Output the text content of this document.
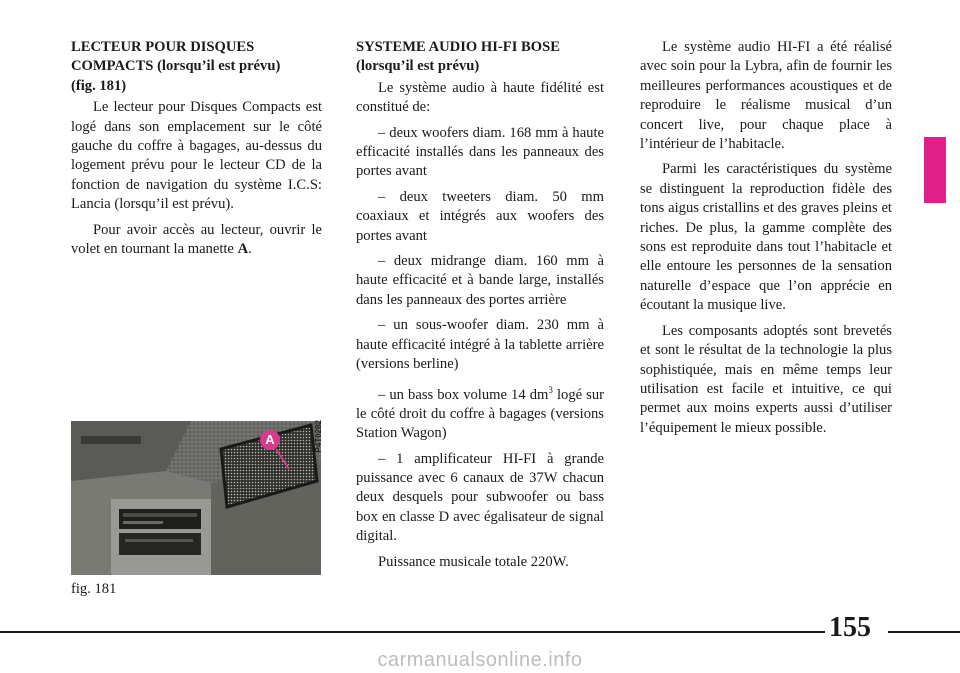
LECTEUR POUR DISQUES COMPACTS (lorsqu’il est prévu)
(fig. 181)

Le lecteur pour Disques Compacts est logé dans son emplacement sur le côté gauche du coffre à bagages, au-dessus du logement prévu pour le lecteur CD de la fonction de navigation du système I.C.S: Lancia (lorsqu’il est prévu).

Pour avoir accès au lecteur, ouvrir le volet en tournant la manette A.

SYSTEME AUDIO HI-FI BOSE
(lorsqu’il est prévu)

Le système audio à haute fidélité est constitué de:

– deux woofers diam. 168 mm à haute efficacité installés dans les panneaux des portes avant

– deux tweeters diam. 50 mm coaxiaux et intégrés aux woofers des portes avant

– deux midrange diam. 160 mm à haute efficacité et à bande large, installés dans les panneaux des portes arrière

– un sous-woofer diam. 230 mm à haute efficacité intégré à la tablette arrière (versions berline)

– un bass box volume 14 $dm^3$ logé sur le côté droit du coffre à bagages (versions Station Wagon)

– 1 amplificateur HI-FI à grande puissance avec 6 canaux de 37W chacun deux desquels pour subwoofer ou bass box en classe D avec égalisateur de signal digital.

Puissance musicale totale 220W.

Le système audio HI-FI a été réalisé avec soin pour la Lybra, afin de fournir les meilleures performances acoustiques et de reproduire le réalisme musical d’un concert live, pour chaque place à l’intérieur de l’habitacle.

Parmi les caractéristiques du système se distinguent la reproduction fidèle des tons aigus cristallins et des graves pleins et riches. De plus, la gamme complète des sons est reproduite dans tout l’habitacle et elle entoure les personnes de la sensation naturelle d’espace que l’on apprécie en écoutant la musique live.

Les composants adoptés sont brevetés et sont le résultat de la technologie la plus sophistiquée, mais en même temps leur utilisation est facile et intuitive, ce qui permet aux moins experts aussi d’utiliser l’équipement le mieux possible.

A	P4T0282
fig. 181
155
carmanualsonline.info
